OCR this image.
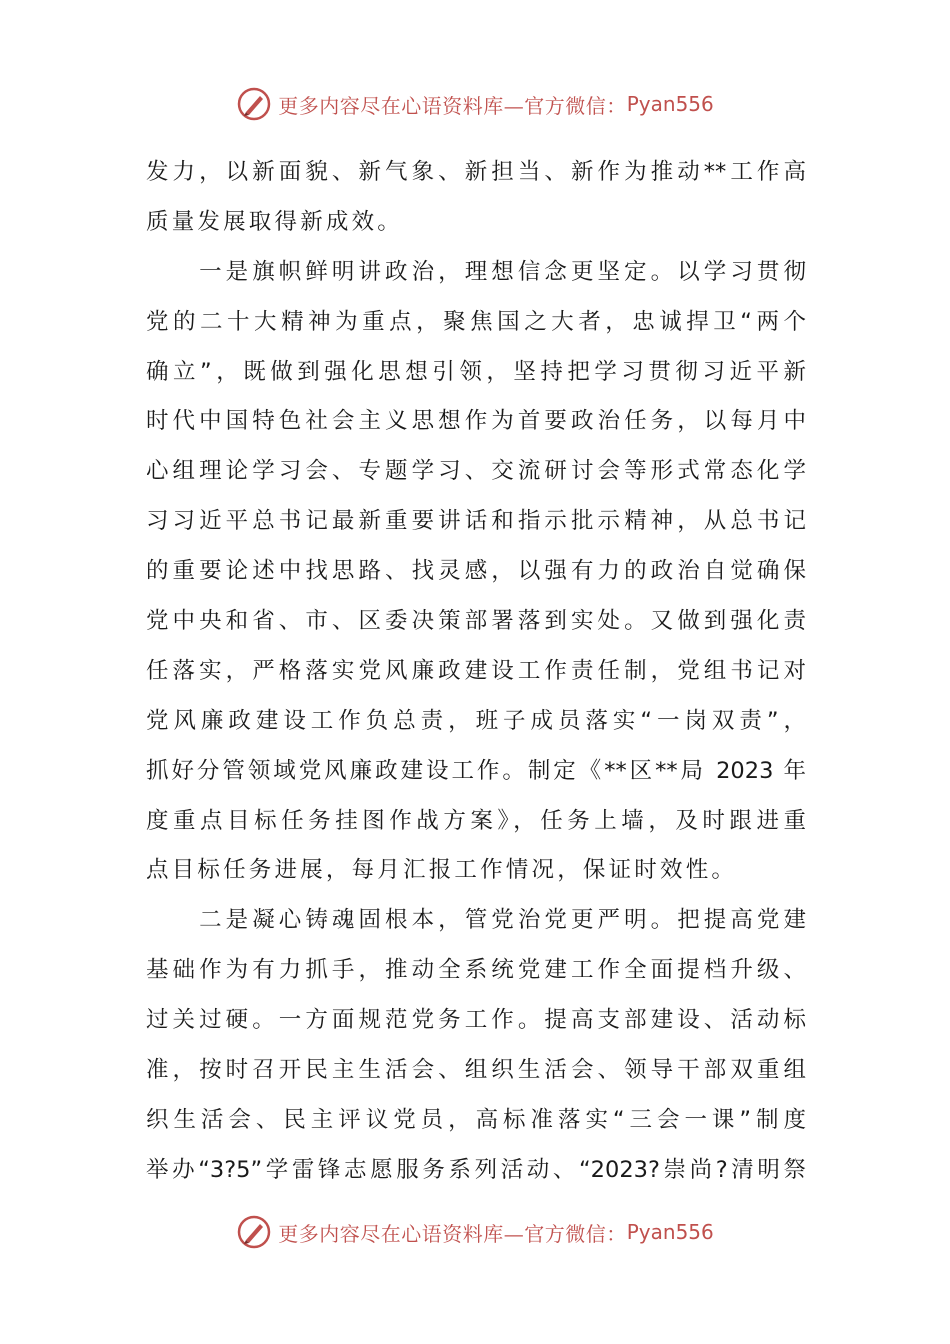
更多内容尽在心语资料库—官方微信： Pyan556
发力，以新面貌、新气象、新担当、新作为推动**工作高
质量发展取得新成效。
　　一是旗帜鲜明讲政治，理想信念更坚定。以学习贯彻
党的二十大精神为重点，聚焦国之大者，忠诚捍卫“两个
确立”，既做到强化思想引领，坚持把学习贯彻习近平新
时代中国特色社会主义思想作为首要政治任务，以每月中
心组理论学习会、专题学习、交流研讨会等形式常态化学
习习近平总书记最新重要讲话和指示批示精神，从总书记
的重要论述中找思路、找灵感，以强有力的政治自觉确保
党中央和省、市、区委决策部署落到实处。又做到强化责
任落实，严格落实党风廉政建设工作责任制，党组书记对
党风廉政建设工作负总责，班子成员落实“一岗双责”，
抓好分管领域党风廉政建设工作。制定《**区**局 2023 年
度重点目标任务挂图作战方案》，任务上墙，及时跟进重
点目标任务进展，每月汇报工作情况，保证时效性。
　　二是凝心铸魂固根本，管党治党更严明。把提高党建
基础作为有力抓手，推动全系统党建工作全面提档升级、
过关过硬。一方面规范党务工作。提高支部建设、活动标
准，按时召开民主生活会、组织生活会、领导干部双重组
织生活会、民主评议党员，高标准落实“三会一课”制度
举办“3?5”学雷锋志愿服务系列活动、“2023?崇尚?清明祭
更多内容尽在心语资料库—官方微信： Pyan556
